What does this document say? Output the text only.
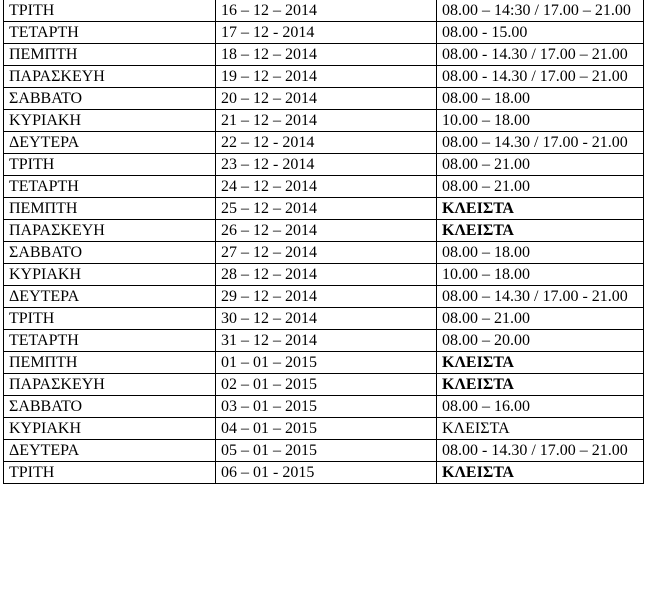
ΤΡΙΤΗ	16 – 12 – 2014	08.00 – 14:30 / 17.00 – 21.00
ΤΕΤΑΡΤΗ	17 – 12 - 2014	08.00 - 15.00
ΠΕΜΠΤΗ	18 – 12 – 2014	08.00 - 14.30 / 17.00 – 21.00
ΠΑΡΑΣΚΕΥΗ	19 – 12 – 2014	08.00 - 14.30 / 17.00 – 21.00
ΣΑΒΒΑΤΟ	20 – 12 – 2014	08.00 – 18.00
ΚΥΡΙΑΚΗ	21 – 12 – 2014	10.00 – 18.00
ΔΕΥΤΕΡΑ	22 – 12 - 2014	08.00 – 14.30 / 17.00 - 21.00
ΤΡΙΤΗ	23 – 12 - 2014	08.00 – 21.00
ΤΕΤΑΡΤΗ	24 – 12 – 2014	08.00 – 21.00
ΠΕΜΠΤΗ	25 – 12 – 2014	ΚΛΕΙΣΤΑ
ΠΑΡΑΣΚΕΥΗ	26 – 12 – 2014	ΚΛΕΙΣΤΑ
ΣΑΒΒΑΤΟ	27 – 12 – 2014	08.00 – 18.00
ΚΥΡΙΑΚΗ	28 – 12 – 2014	10.00 – 18.00
ΔΕΥΤΕΡΑ	29 – 12 – 2014	08.00 – 14.30 / 17.00 - 21.00
ΤΡΙΤΗ	30 – 12 – 2014	08.00 – 21.00
ΤΕΤΑΡΤΗ	31 – 12 – 2014	08.00 – 20.00
ΠΕΜΠΤΗ	01 – 01 – 2015	ΚΛΕΙΣΤΑ
ΠΑΡΑΣΚΕΥΗ	02 – 01 – 2015	ΚΛΕΙΣΤΑ
ΣΑΒΒΑΤΟ	03 – 01 – 2015	08.00 – 16.00
ΚΥΡΙΑΚΗ	04 – 01 – 2015	ΚΛΕΙΣΤΑ
ΔΕΥΤΕΡΑ	05 – 01 – 2015	08.00 - 14.30 / 17.00 – 21.00
ΤΡΙΤΗ	06 – 01 - 2015	ΚΛΕΙΣΤΑ
